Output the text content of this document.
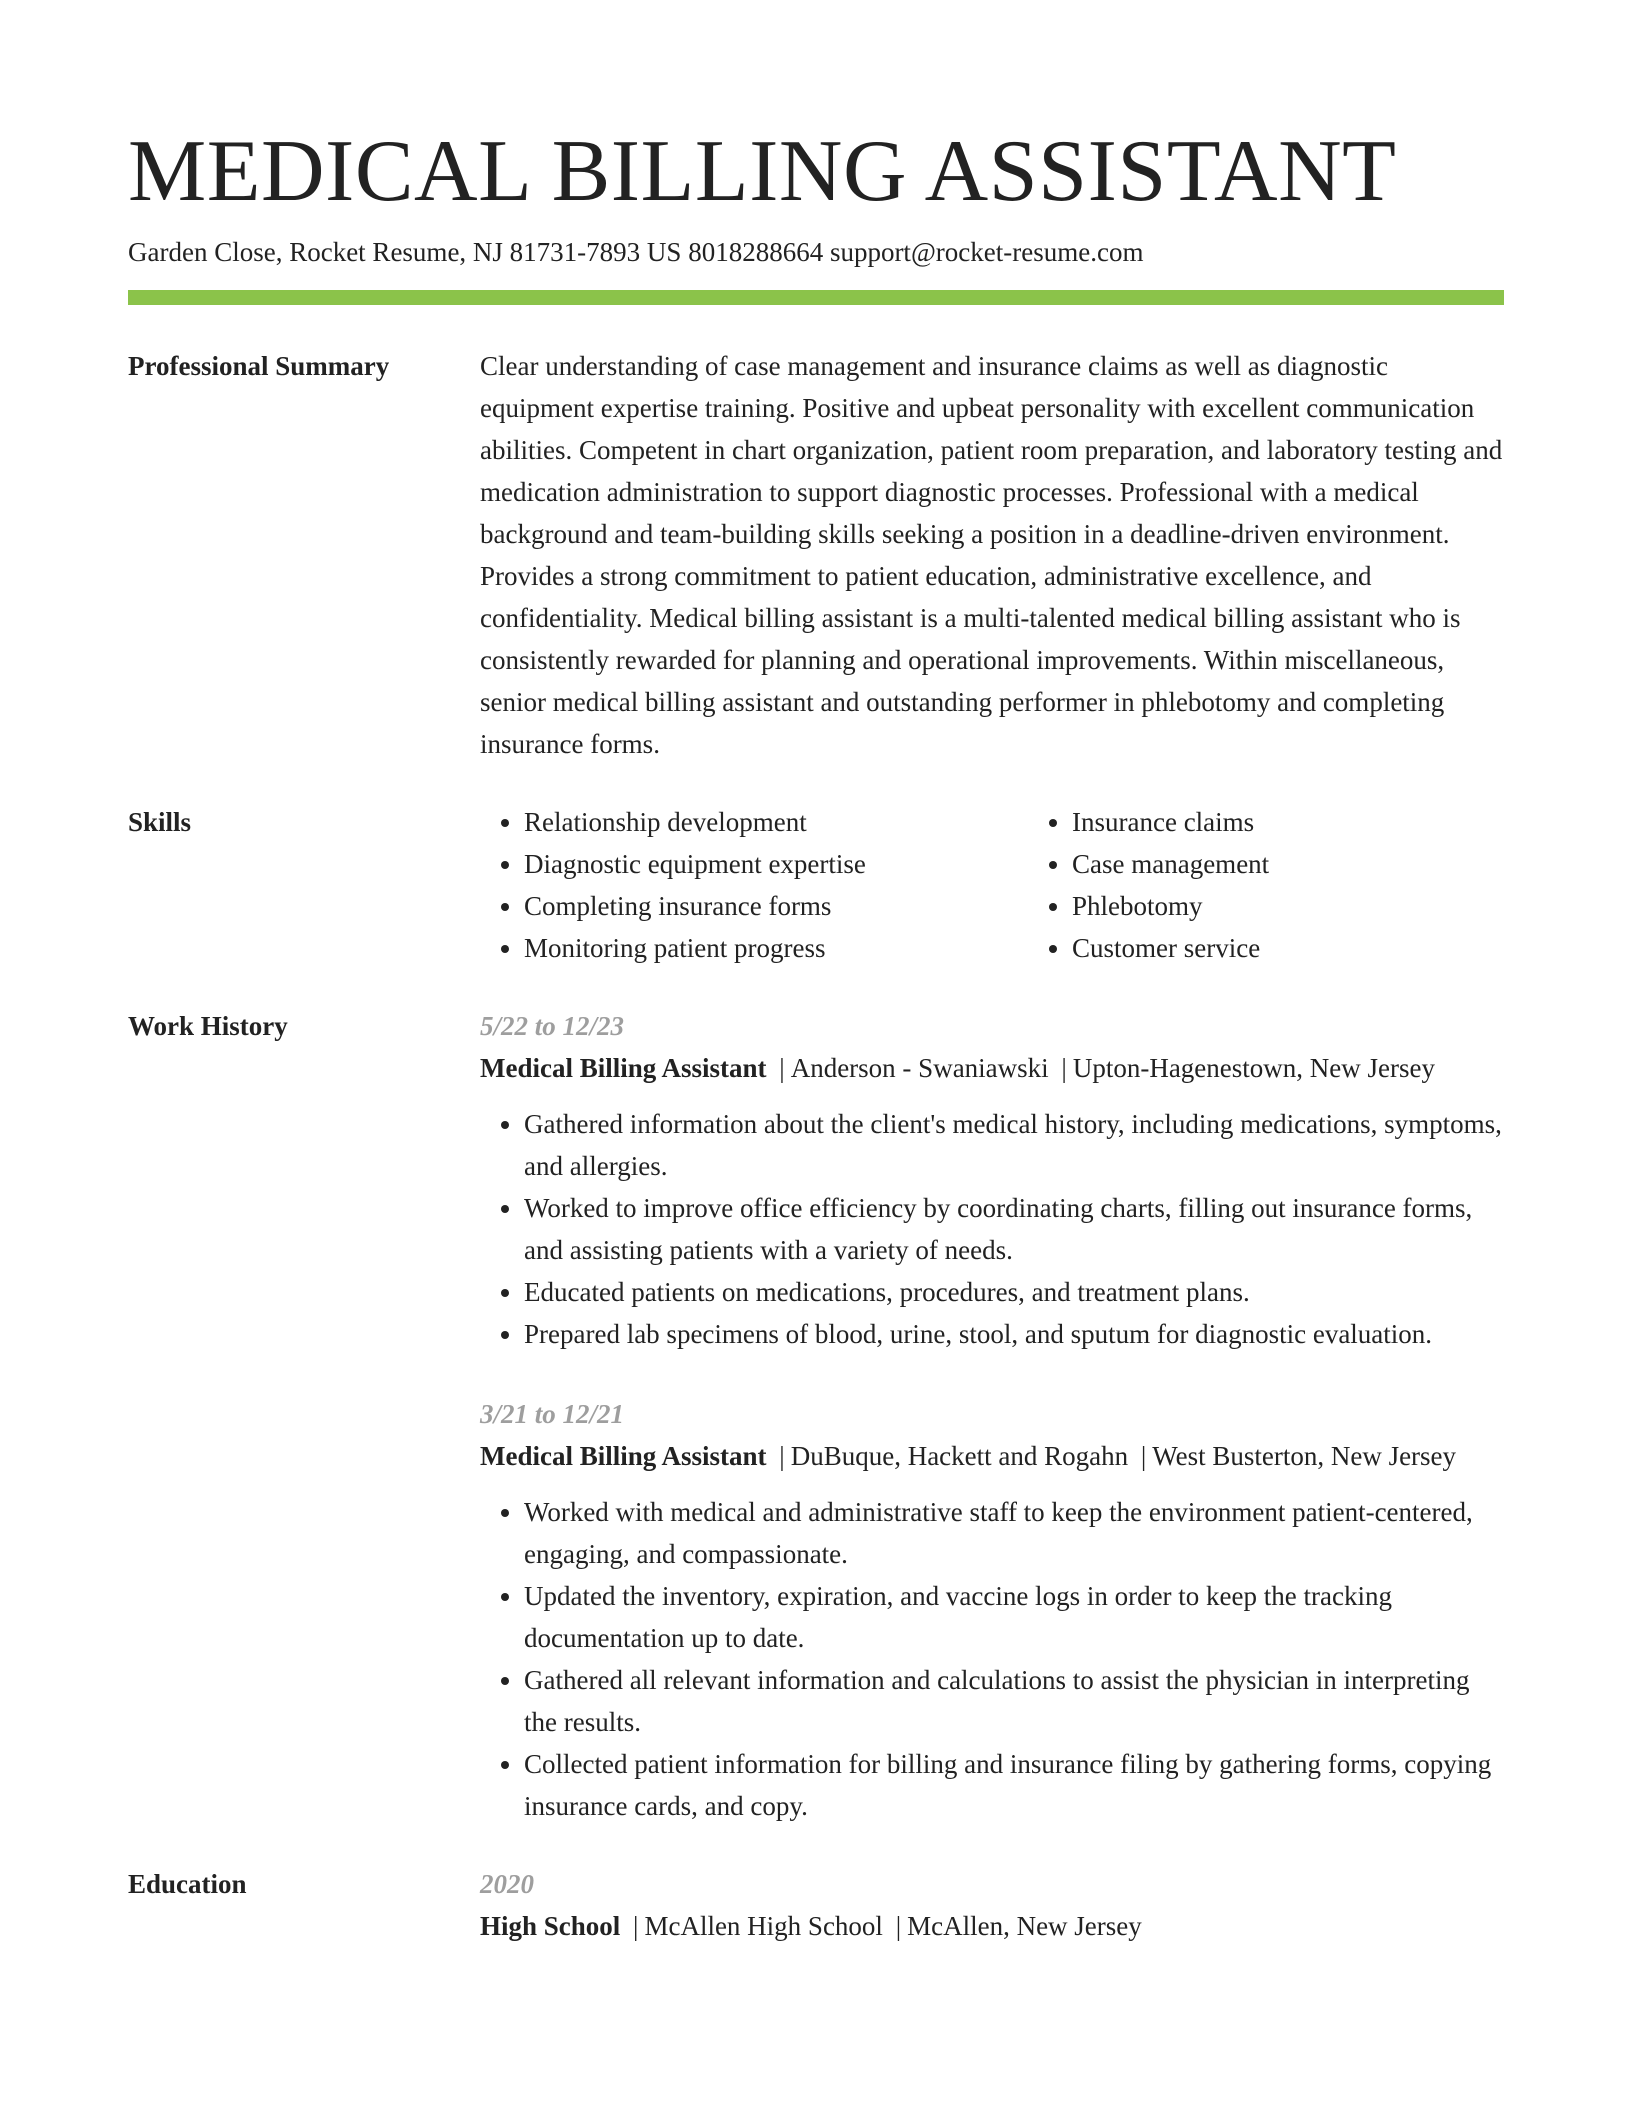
MEDICAL BILLING ASSISTANT
Garden Close, Rocket Resume, NJ 81731-7893 US 8018288664 support@rocket-resume.com
Professional Summary	Clear understanding of case management and insurance claims as well as diagnostic equipment expertise training. Positive and upbeat personality with excellent communication abilities. Competent in chart organization, patient room preparation, and laboratory testing and medication administration to support diagnostic processes. Professional with a medical background and team-building skills seeking a position in a deadline-driven environment. Provides a strong commitment to patient education, administrative excellence, and confidentiality. Medical billing assistant is a multi-talented medical billing assistant who is consistently rewarded for planning and operational improvements. Within miscellaneous, senior medical billing assistant and outstanding performer in phlebotomy and completing insurance forms.

Skills
•	Relationship development
• Diagnostic equipment expertise
• Completing insurance forms
• Monitoring patient progress
• Insurance claims
• Case management
• Phlebotomy
• Customer service
Work History	5/22 to 12/23
Medical Billing Assistant | Anderson - Swaniawski | Upton-Hagenestown, New Jersey
• Gathered information about the client's medical history, including medications, symptoms, and allergies.
• Worked to improve office efficiency by coordinating charts, filling out insurance forms, and assisting patients with a variety of needs.
• Educated patients on medications, procedures, and treatment plans.
• Prepared lab specimens of blood, urine, stool, and sputum for diagnostic evaluation.
3/21 to 12/21
Medical Billing Assistant | DuBuque, Hackett and Rogahn | West Busterton, New Jersey
• Worked with medical and administrative staff to keep the environment patient-centered, engaging, and compassionate.
• Updated the inventory, expiration, and vaccine logs in order to keep the tracking documentation up to date.
• Gathered all relevant information and calculations to assist the physician in interpreting the results.
• Collected patient information for billing and insurance filing by gathering forms, copying insurance cards, and copy.
Education	2020
High School | McAllen High School | McAllen, New Jersey
